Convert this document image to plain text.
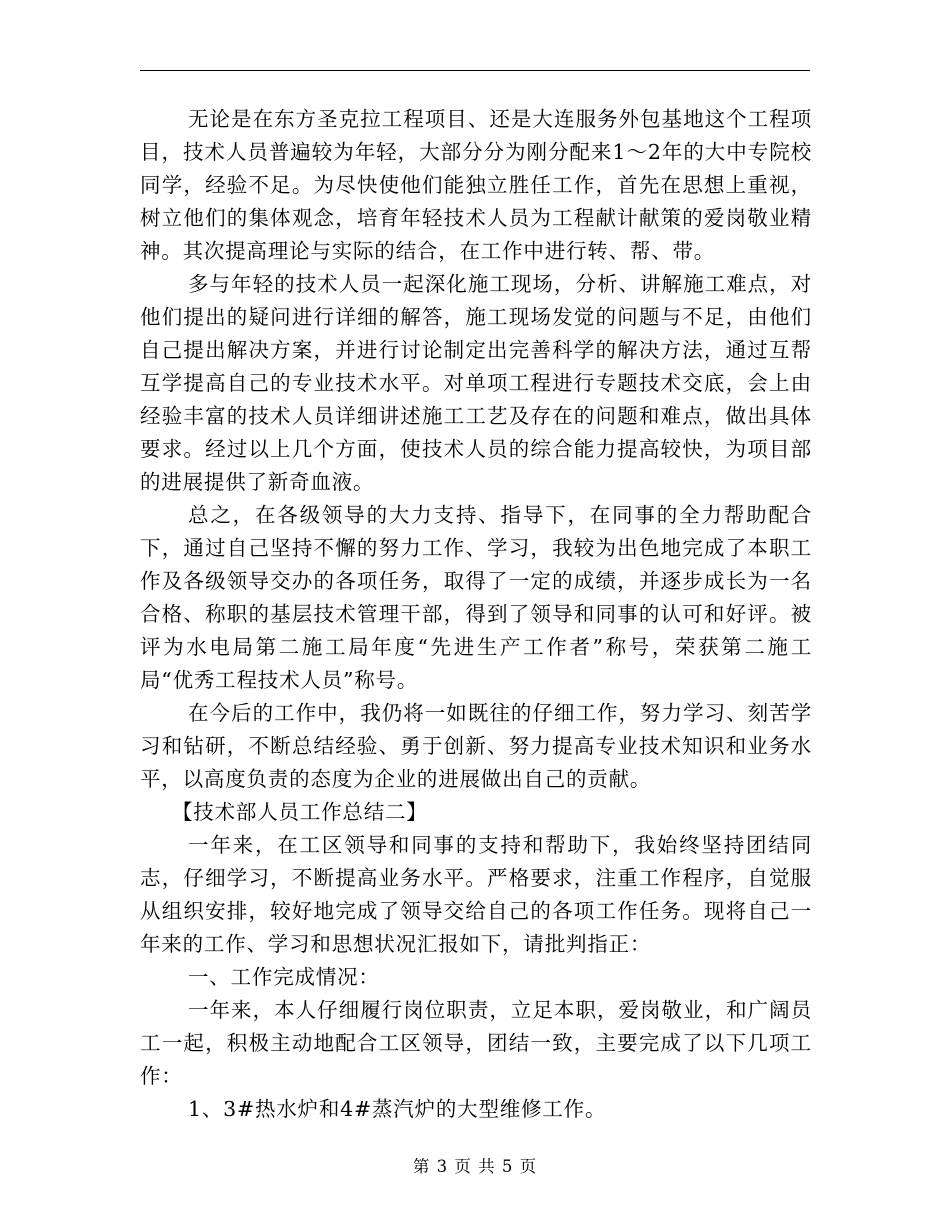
无论是在东方圣克拉工程项目、还是大连服务外包基地这个工程项目，技术人员普遍较为年轻，大部分分为刚分配来1～2年的大中专院校同学，经验不足。为尽快使他们能独立胜任工作，首先在思想上重视，树立他们的集体观念，培育年轻技术人员为工程献计献策的爱岗敬业精神。其次提高理论与实际的结合，在工作中进行转、帮、带。

多与年轻的技术人员一起深化施工现场，分析、讲解施工难点，对他们提出的疑问进行详细的解答，施工现场发觉的问题与不足，由他们自己提出解决方案，并进行讨论制定出完善科学的解决方法，通过互帮互学提高自己的专业技术水平。对单项工程进行专题技术交底，会上由经验丰富的技术人员详细讲述施工工艺及存在的问题和难点，做出具体要求。经过以上几个方面，使技术人员的综合能力提高较快，为项目部的进展提供了新奇血液。

总之，在各级领导的大力支持、指导下，在同事的全力帮助配合下，通过自己坚持不懈的努力工作、学习，我较为出色地完成了本职工作及各级领导交办的各项任务，取得了一定的成绩，并逐步成长为一名合格、称职的基层技术管理干部，得到了领导和同事的认可和好评。被评为水电局第二施工局年度“先进生产工作者”称号，荣获第二施工局“优秀工程技术人员”称号。

在今后的工作中，我仍将一如既往的仔细工作，努力学习、刻苦学习和钻研，不断总结经验、勇于创新、努力提高专业技术知识和业务水平，以高度负责的态度为企业的进展做出自己的贡献。

【技术部人员工作总结二】

一年来，在工区领导和同事的支持和帮助下，我始终坚持团结同志，仔细学习，不断提高业务水平。严格要求，注重工作程序，自觉服从组织安排，较好地完成了领导交给自己的各项工作任务。现将自己一年来的工作、学习和思想状况汇报如下，请批判指正：

一、工作完成情况：

一年来，本人仔细履行岗位职责，立足本职，爱岗敬业，和广阔员工一起，积极主动地配合工区领导，团结一致，主要完成了以下几项工作：

1、3#热水炉和4#蒸汽炉的大型维修工作。

第 3 页 共 5 页
